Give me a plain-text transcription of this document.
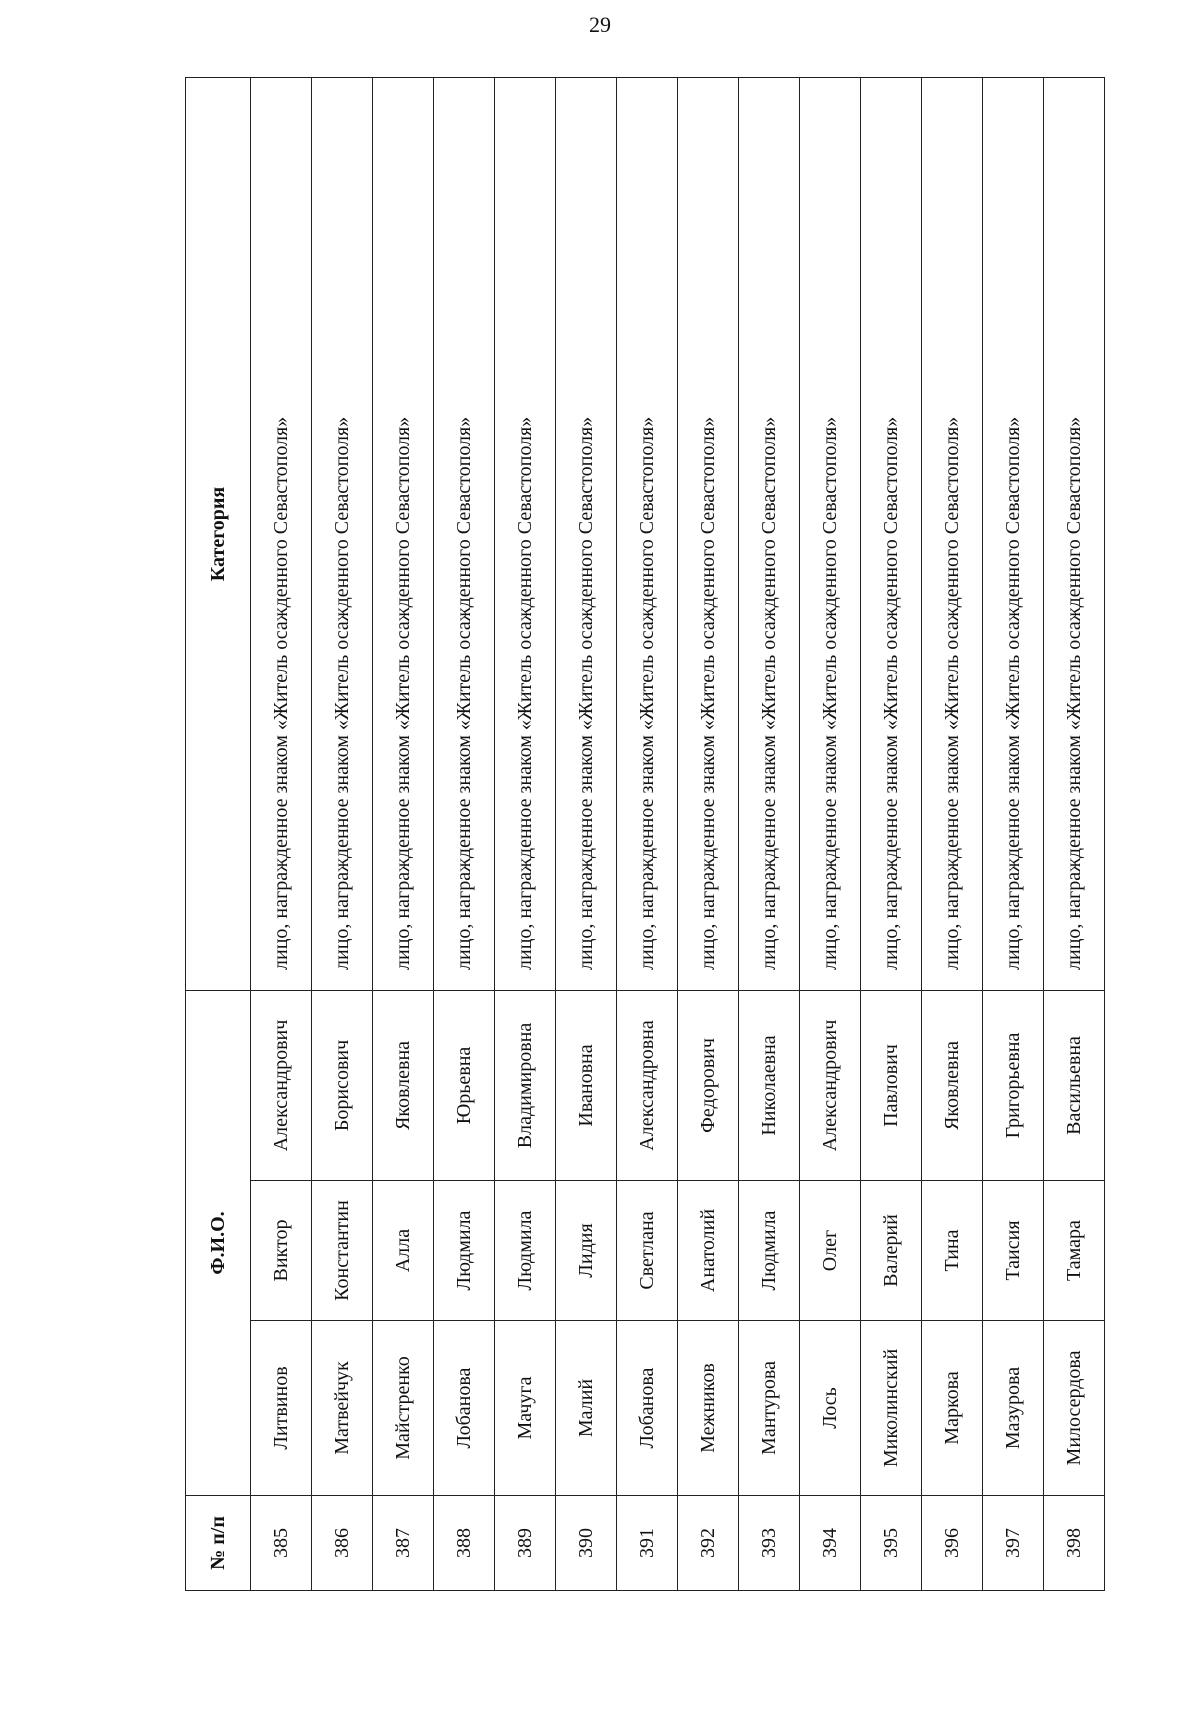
29
№ п/п	Ф.И.О.			Категория
385	Литвинов	Виктор	Александрович	лицо, награжденное знаком «Житель осажденного Севастополя»
386	Матвейчук	Константин	Борисович	лицо, награжденное знаком «Житель осажденного Севастополя»
387	Майстренко	Алла	Яковлевна	лицо, награжденное знаком «Житель осажденного Севастополя»
388	Лобанова	Людмила	Юрьевна	лицо, награжденное знаком «Житель осажденного Севастополя»
389	Мачуга	Людмила	Владимировна	лицо, награжденное знаком «Житель осажденного Севастополя»
390	Малий	Лидия	Ивановна	лицо, награжденное знаком «Житель осажденного Севастополя»
391	Лобанова	Светлана	Александровна	лицо, награжденное знаком «Житель осажденного Севастополя»
392	Межников	Анатолий	Федорович	лицо, награжденное знаком «Житель осажденного Севастополя»
393	Мантурова	Людмила	Николаевна	лицо, награжденное знаком «Житель осажденного Севастополя»
394	Лось	Олег	Александрович	лицо, награжденное знаком «Житель осажденного Севастополя»
395	Миколинский	Валерий	Павлович	лицо, награжденное знаком «Житель осажденного Севастополя»
396	Маркова	Тина	Яковлевна	лицо, награжденное знаком «Житель осажденного Севастополя»
397	Мазурова	Таисия	Григорьевна	лицо, награжденное знаком «Житель осажденного Севастополя»
398	Милосердова	Тамара	Васильевна	лицо, награжденное знаком «Житель осажденного Севастополя»
